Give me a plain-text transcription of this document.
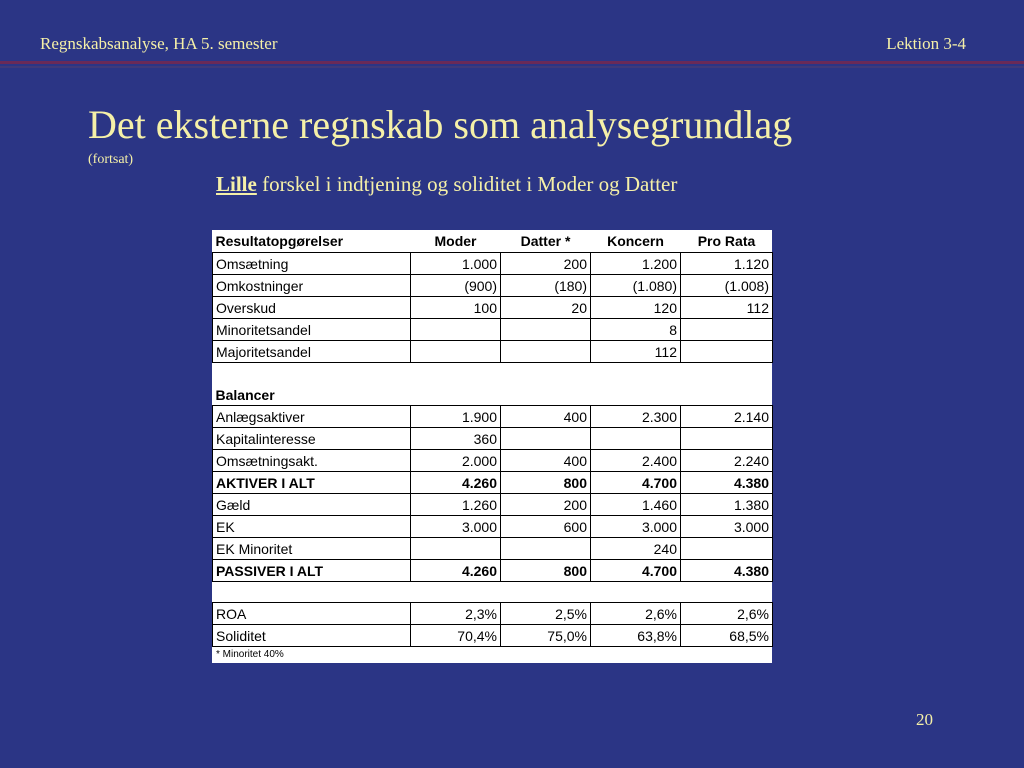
Regnskabsanalyse, HA 5. semester	Lektion 3-4
Det eksterne regnskab som analysegrundlag
(fortsat)
Lille forskel i indtjening og soliditet i Moder og Datter
Resultatopgørelser	Moder	Datter *	Koncern	Pro Rata
Omsætning	1.000	200	1.200	1.120
Omkostninger	(900)	(180)	(1.080)	(1.008)
Overskud	100	20	120	112
Minoritetsandel			8	
Majoritetsandel			112	

Balancer				
Anlægsaktiver	1.900	400	2.300	2.140
Kapitalinteresse	360			
Omsætningsakt.	2.000	400	2.400	2.240
AKTIVER I ALT	4.260	800	4.700	4.380
Gæld	1.260	200	1.460	1.380
EK	3.000	600	3.000	3.000
EK Minoritet			240	
PASSIVER I ALT	4.260	800	4.700	4.380

ROA	2,3%	2,5%	2,6%	2,6%
Soliditet	70,4%	75,0%	63,8%	68,5%
* Minoritet 40%
20
